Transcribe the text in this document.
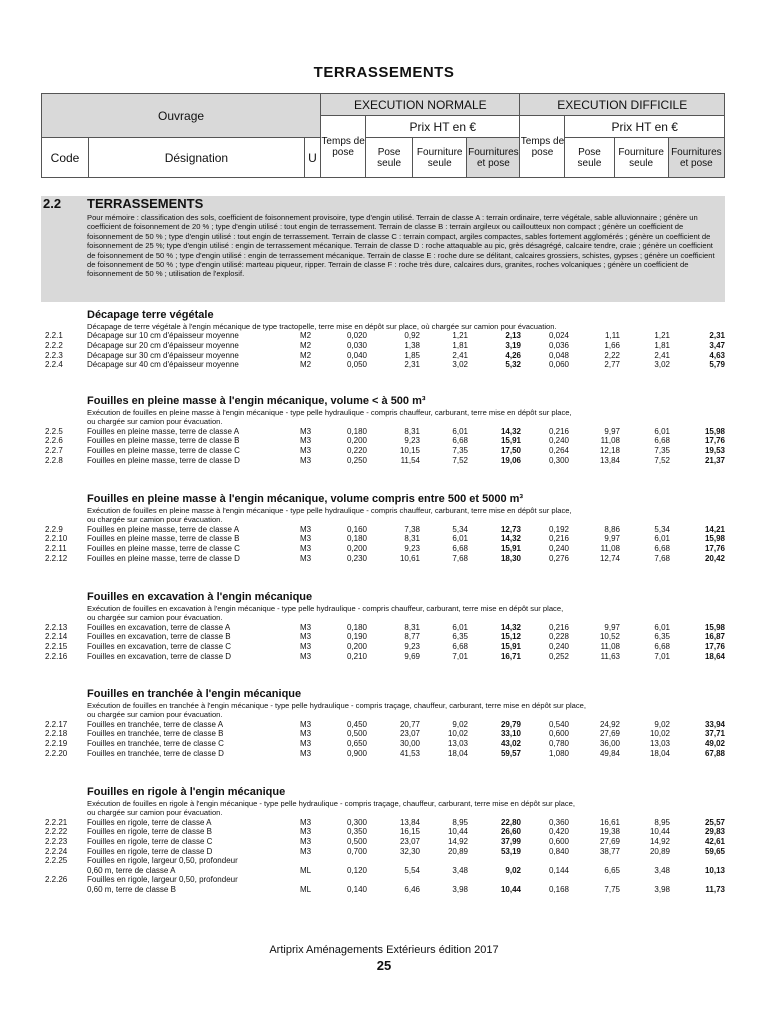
TERRASSEMENTS
Ouvrage			EXECUTION NORMALE				EXECUTION DIFFICILE			
			Temps de pose	Prix HT en €			Temps de pose	Prix HT en €		
Code	Désignation	U		Pose seule	Fourniture seule	Fournitures et pose		Pose seule	Fourniture seule	Fournitures et pose
2.2 TERRASSEMENTS
Pour mémoire : classification des sols, coefficient de foisonnement provisoire, type d'engin utilisé. Terrain de classe A : terrain ordinaire, terre végétale, sable alluvionnaire ; génère un coefficient de foisonnement de 20 % ; type d'engin utilisé : tout engin de terrassement. Terrain de classe B : terrain argileux ou cailloutteux non compact ; génère un coefficient de foisonnement de 50 % ; type d'engin utilisé : tout engin de terrassement. Terrain de classe C : terrain compact, argiles compactes, sables fortement agglomérés ; génère un coefficient de foisonnement de 25 %; type d'engin utilisé : engin de terrassement mécanique. Terrain de classe D : roche attaquable au pic, grès désagrégé, calcaire tendre, craie ; génère un coefficient de foisonnement de 50 % ; type d'engin utilisé : engin de terrassement mécanique. Terrain de classe E : roche dure se délitant, calcaires grossiers, schistes, gypses ; génère un coefficient de foisonnement de 50 % ; type d'engin utilisé: marteau piqueur, ripper. Terrain de classe F : roche très dure, calcaires durs, granites, roches volcaniques ; génère un coefficient de foisonnement de 50 % ; utilisation de l'explosif.
Décapage terre végétale
Décapage de terre végétale à l'engin mécanique de type tractopelle, terre mise en dépôt sur place, où chargée sur camion pour évacuation.
2.2.1	Décapage sur 10 cm d'épaisseur moyenne	M2	0,020	0,92	1,21	2,13	0,024	1,11	1,21	2,31
2.2.2	Décapage sur 20 cm d'épaisseur moyenne	M2	0,030	1,38	1,81	3,19	0,036	1,66	1,81	3,47
2.2.3	Décapage sur 30 cm d'épaisseur moyenne	M2	0,040	1,85	2,41	4,26	0,048	2,22	2,41	4,63
2.2.4	Décapage sur 40 cm d'épaisseur moyenne	M2	0,050	2,31	3,02	5,32	0,060	2,77	3,02	5,79
Fouilles en pleine masse à l'engin mécanique, volume < à 500 m³
Exécution de fouilles en pleine masse à l'engin mécanique - type pelle hydraulique - compris chauffeur, carburant, terre mise en dépôt sur place,
ou chargée sur camion pour évacuation.
2.2.5	Fouilles en pleine masse, terre de classe A	M3	0,180	8,31	6,01	14,32	0,216	9,97	6,01	15,98
2.2.6	Fouilles en pleine masse, terre de classe B	M3	0,200	9,23	6,68	15,91	0,240	11,08	6,68	17,76
2.2.7	Fouilles en pleine masse, terre de classe C	M3	0,220	10,15	7,35	17,50	0,264	12,18	7,35	19,53
2.2.8	Fouilles en pleine masse, terre de classe D	M3	0,250	11,54	7,52	19,06	0,300	13,84	7,52	21,37
Fouilles en pleine masse à l'engin mécanique, volume compris entre 500 et 5000 m³
Exécution de fouilles en pleine masse à l'engin mécanique - type pelle hydraulique - compris chauffeur, carburant, terre mise en dépôt sur place,
ou chargée sur camion pour évacuation.
2.2.9	Fouilles en pleine masse, terre de classe A	M3	0,160	7,38	5,34	12,73	0,192	8,86	5,34	14,21
2.2.10 Fouilles en pleine masse, terre de classe B	M3	0,180	8,31	6,01	14,32	0,216	9,97	6,01	15,98
2.2.11	Fouilles en pleine masse, terre de classe C	M3	0,200	9,23	6,68	15,91	0,240	11,08	6,68	17,76
2.2.12 Fouilles en pleine masse, terre de classe D	M3	0,230	10,61	7,68	18,30	0,276	12,74	7,68	20,42
Fouilles en excavation à l'engin mécanique
Exécution de fouilles en excavation à l'engin mécanique - type pelle hydraulique - compris chauffeur, carburant, terre mise en dépôt sur place,
ou chargée sur camion pour évacuation.
2.2.13 Fouilles en excavation, terre de classe A	M3	0,180	8,31	6,01	14,32	0,216	9,97	6,01	15,98
2.2.14 Fouilles en excavation, terre de classe B	M3	0,190	8,77	6,35	15,12	0,228	10,52	6,35	16,87
2.2.15 Fouilles en excavation, terre de classe C	M3	0,200	9,23	6,68	15,91	0,240	11,08	6,68	17,76
2.2.16 Fouilles en excavation, terre de classe D	M3	0,210	9,69	7,01	16,71	0,252	11,63	7,01	18,64
Fouilles en tranchée à l'engin mécanique
Exécution de fouilles en tranchée à l'engin mécanique - type pelle hydraulique - compris traçage, chauffeur, carburant, terre mise en dépôt sur place,
ou chargée sur camion pour évacuation.
2.2.17 Fouilles en tranchée, terre de classe A	M3	0,450	20,77	9,02	29,79	0,540	24,92	9,02	33,94
2.2.18 Fouilles en tranchée, terre de classe B	M3	0,500	23,07	10,02	33,10	0,600	27,69	10,02	37,71
2.2.19 Fouilles en tranchée, terre de classe C	M3	0,650	30,00	13,03	43,02	0,780	36,00	13,03	49,02
2.2.20 Fouilles en tranchée, terre de classe D	M3	0,900	41,53	18,04	59,57	1,080	49,84	18,04	67,88
Fouilles en rigole à l'engin mécanique
Exécution de fouilles en rigole à l'engin mécanique - type pelle hydraulique - compris traçage, chauffeur, carburant, terre mise en dépôt sur place,
ou chargée sur camion pour évacuation.
2.2.21 Fouilles en rigole, terre de classe A	M3	0,300	13,84	8,95	22,80	0,360	16,61	8,95	25,57
2.2.22 Fouilles en rigole, terre de classe B	M3	0,350	16,15	10,44	26,60	0,420	19,38	10,44	29,83
2.2.23 Fouilles en rigole, terre de classe C	M3	0,500	23,07	14,92	37,99	0,600	27,69	14,92	42,61
2.2.24 Fouilles en rigole, terre de classe D	M3	0,700	32,30	20,89	53,19	0,840	38,77	20,89	59,65
2.2.25 Fouilles en rigole, largeur 0,50, profondeur
0,60 m, terre de classe A	ML	0,120	5,54	3,48	9,02	0,144	6,65	3,48	10,13
2.2.26 Fouilles en rigole, largeur 0,50, profondeur
0,60 m, terre de classe B	ML	0,140	6,46	3,98	10,44	0,168	7,75	3,98	11,73
Artiprix Aménagements Extérieurs édition 2017
25
